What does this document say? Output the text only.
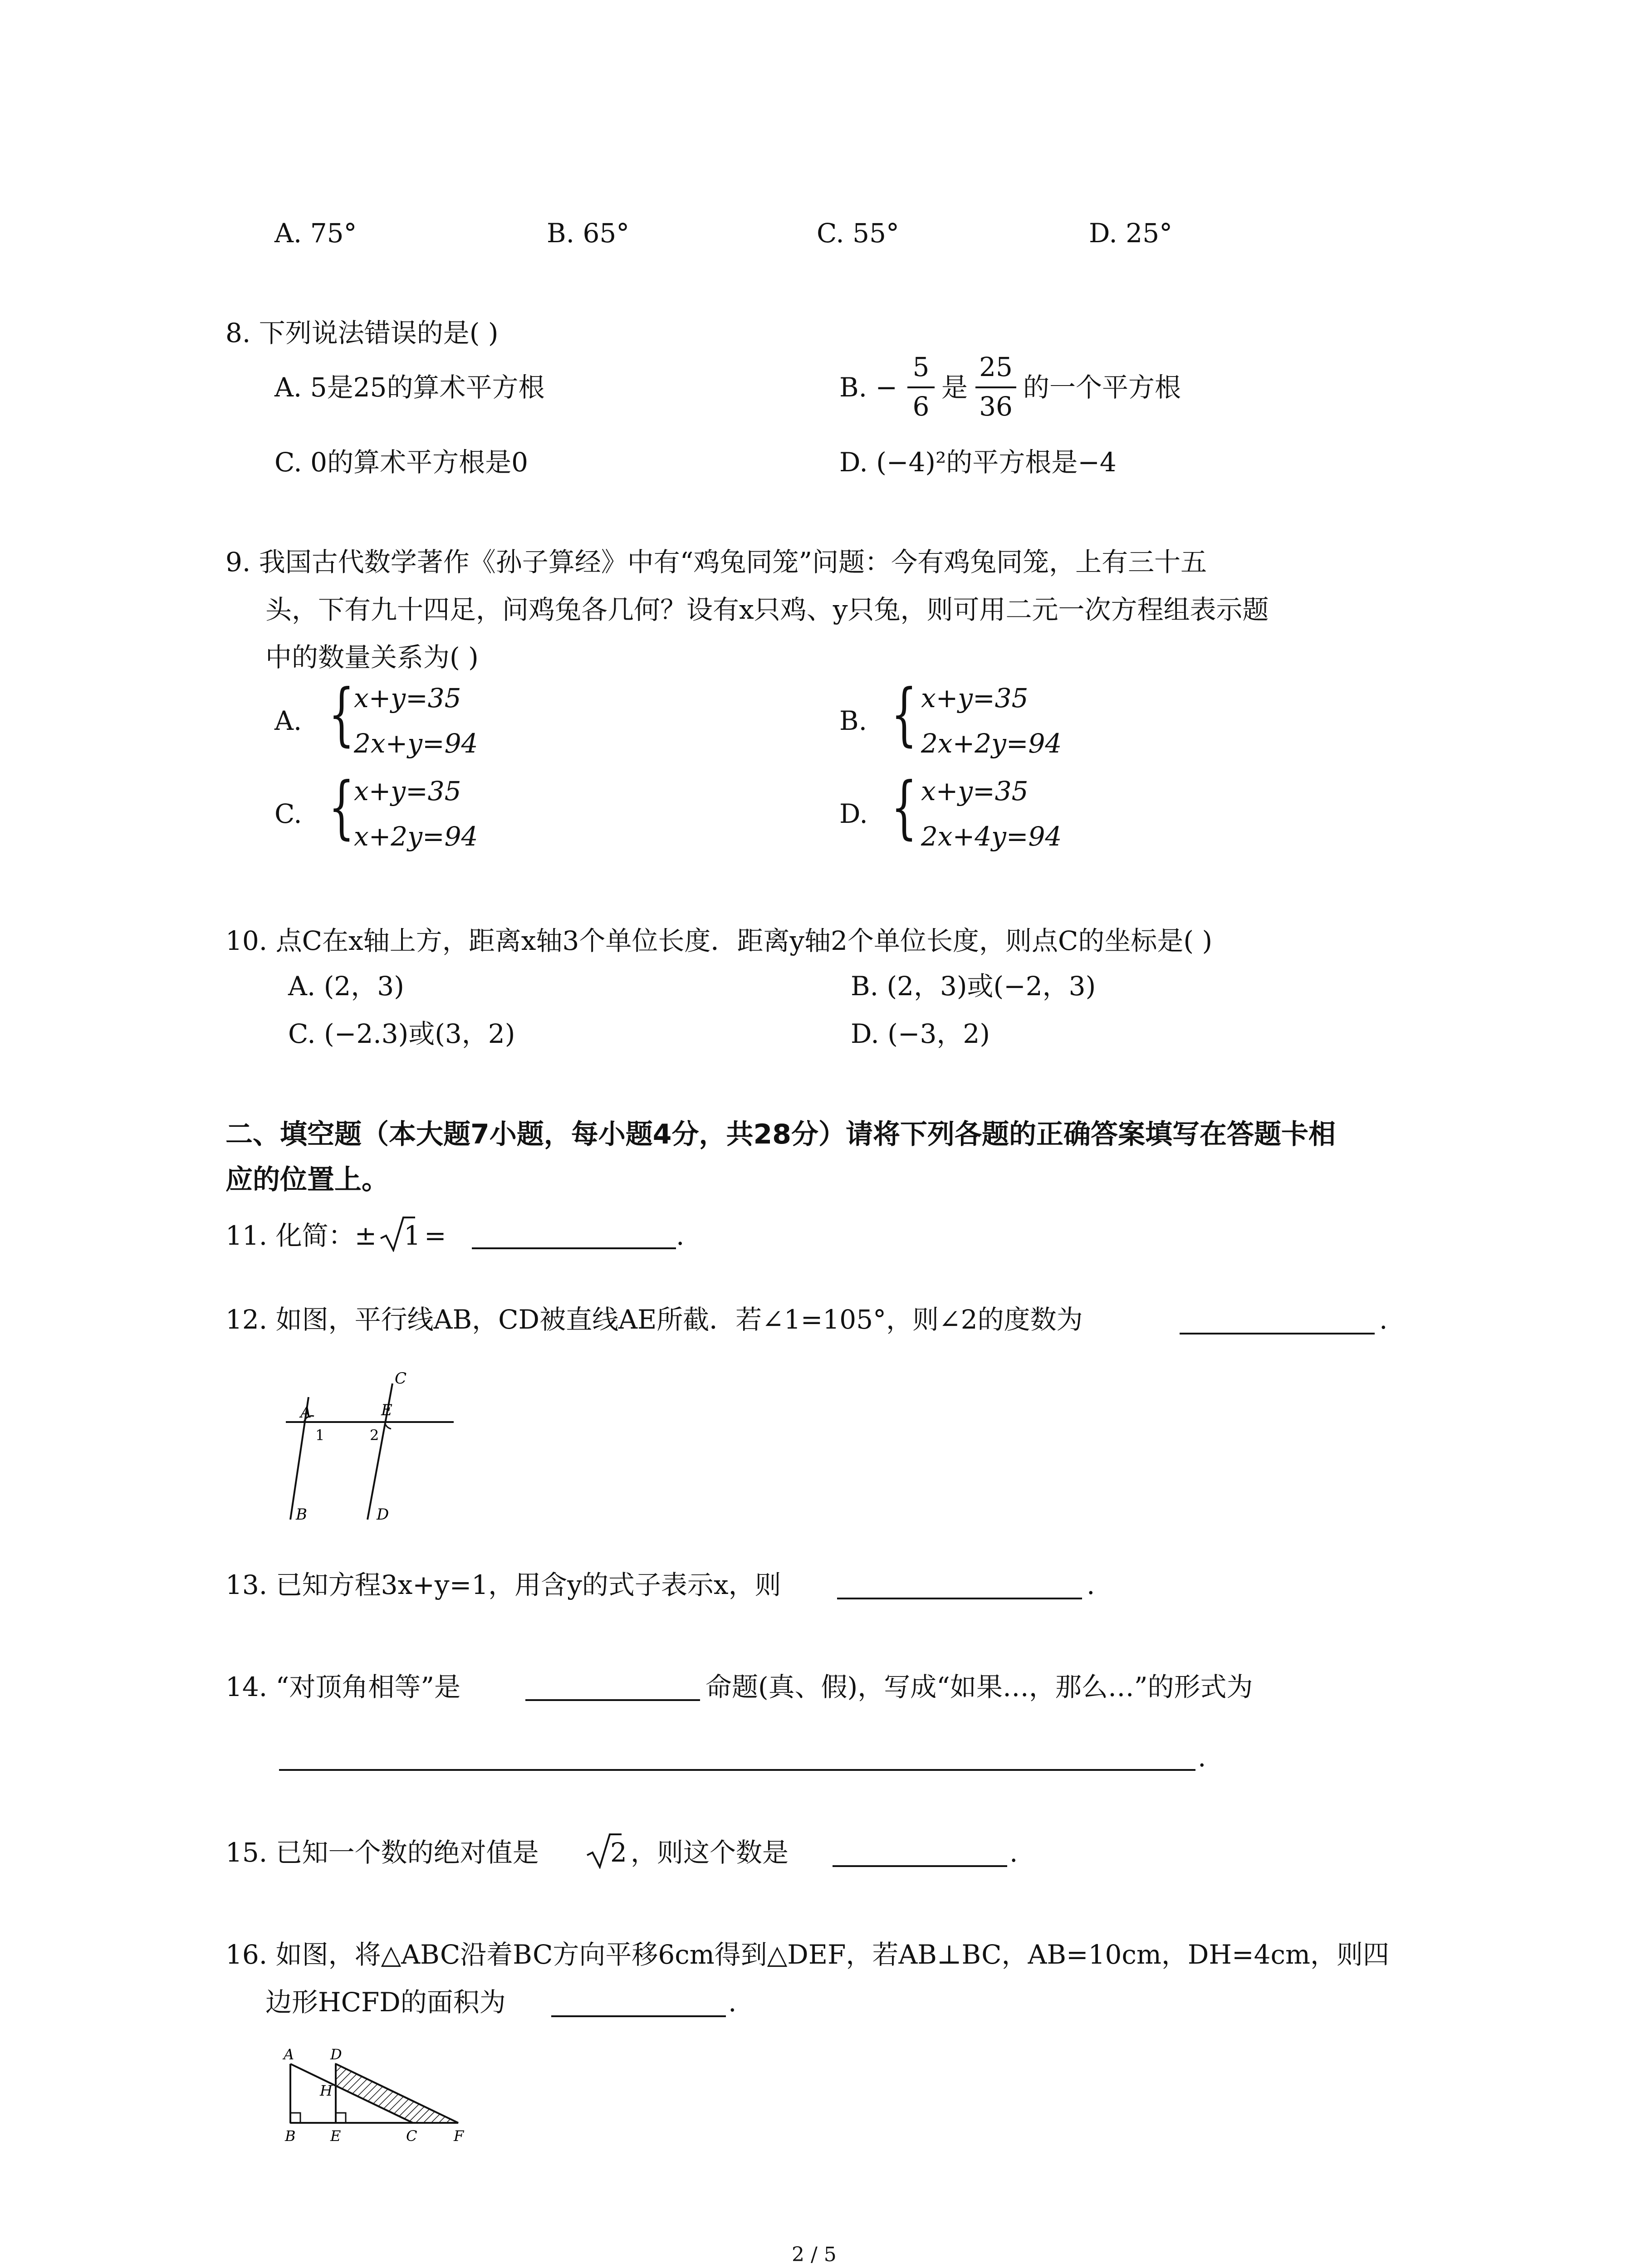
A. 75°	B. 65°	C. 55°	D. 25°
8. 下列说法错误的是( )
A. 5是25的算术平方根	B. −
5
6
是
25
36
的一个平方根
C. 0的算术平方根是0	D. (−4)²的平方根是−4
9. 我国古代数学著作《孙子算经》中有“鸡兔同笼”问题：今有鸡兔同笼，上有三十五
头，下有九十四足，问鸡兔各几何？设有x只鸡、y只兔，则可用二元一次方程组表示题
中的数量关系为( )
A. {
x+y=35
2x+y=94
B. { x+y=35
2x+2y=94
C. {
x+y=35
x+2y=94
D. { x+y=35
2x+4y=94
10. 点C在x轴上方，距离x轴3个单位长度．距离y轴2个单位长度，则点C的坐标是( )
A. (2，3)	B. (2，3)或(−2，3)
C. (−2.3)或(3，2)	D. (−3，2)
二、填空题（本大题7小题，每小题4分，共28分）请将下列各题的正确答案填写在答题卡相
应的位置上。
11. 化简：± 1 =	.
12. 如图，平行线AB，CD被直线AE所截．若∠1=105°，则∠2的度数为	.
A	E
C
B	D
1	2
13. 已知方程3x+y=1，用含y的式子表示x，则	.
14. “对顶角相等”是	命题(真、假)，写成“如果…，那么…”的形式为
.
15. 已知一个数的绝对值是	2 ，则这个数是	.
16. 如图，将△ABC沿着BC方向平移6cm得到△DEF，若AB⊥BC，AB=10cm，DH=4cm，则四
边形HCFD的面积为	.
A D
H
B E	C	F
2 / 5
